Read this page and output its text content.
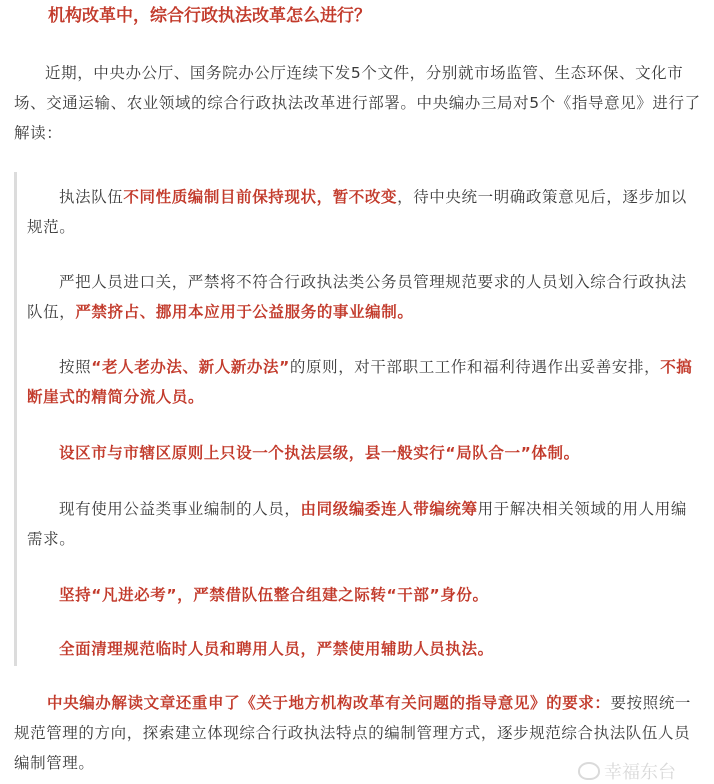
机构改革中，综合行政执法改革怎么进行？

近期，中央办公厅、国务院办公厅连续下发5个文件，分别就市场监管、生态环保、文化市场、交通运输、农业领域的综合行政执法改革进行部署。中央编办三局对5个《指导意见》进行了解读：

执法队伍不同性质编制目前保持现状，暂不改变，待中央统一明确政策意见后，逐步加以规范。

严把人员进口关，严禁将不符合行政执法类公务员管理规范要求的人员划入综合行政执法队伍，严禁挤占、挪用本应用于公益服务的事业编制。

按照“老人老办法、新人新办法”的原则，对干部职工工作和福利待遇作出妥善安排，不搞断崖式的精简分流人员。

设区市与市辖区原则上只设一个执法层级，县一般实行“局队合一”体制。

现有使用公益类事业编制的人员，由同级编委连人带编统筹用于解决相关领域的用人用编需求。

坚持“凡进必考”，严禁借队伍整合组建之际转“干部”身份。

全面清理规范临时人员和聘用人员，严禁使用辅助人员执法。

中央编办解读文章还重申了《关于地方机构改革有关问题的指导意见》的要求：要按照统一规范管理的方向，探索建立体现综合行政执法特点的编制管理方式，逐步规范综合执法队伍人员编制管理。	幸福东台
